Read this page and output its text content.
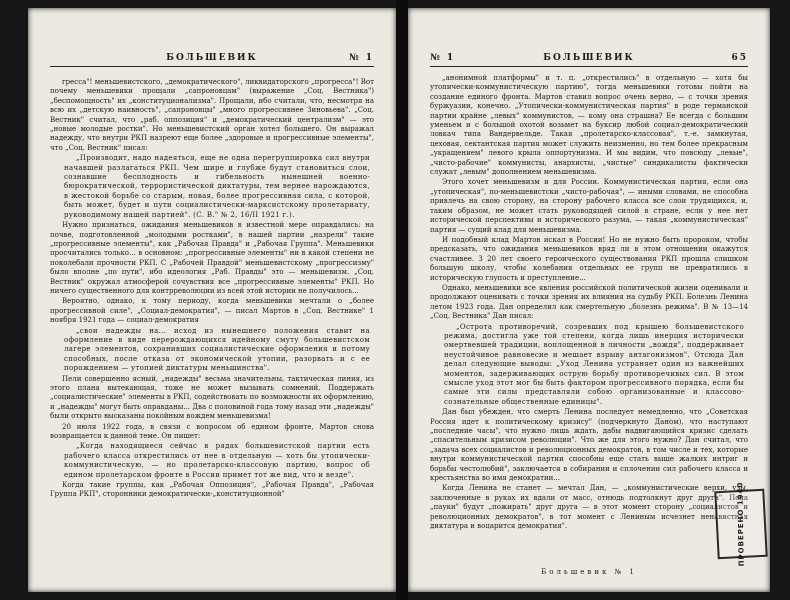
БОЛЬШЕВИК	№ 1

гресса"! меньшевистского, „демократического", ликвидаторского „прогресса"! Вот почему меньшевики прощали „сапроновцам" (выражение „Соц. Вестника") „беспомощность" их „конституционализма". Прощали, ибо считали, что, несмотря на всю их „детскую наивность", „сапроновцы" „много прогрессивнее Зиновьева". „Соц. Вестник" считал, что „раб. оппозиция" и „демократический централизм" — это „новые молодые ростки". Но меньшевистский орган хотел большего. Он выражал надежду, что внутри РКП назреют еще более „здоровые и прогрессивные элементы", что „Соц. Вестник" писал:

„Производит, надо надеяться, еще не одна перегруппировка сил внутри начавшей разлагаться РКП. Чем шире и глубже будут становиться слои, сознавшие бесплодность и гибельность нынешней военно-бюрократической, террористической диктатуры, тем вернее нарождаются, в жестокой борьбе со старым, новая, более прогрессивная сила, с которой, быть может, будет и пути социалистически-марксистскому пролетариату, руководимому нашей партией". (С. В." № 2, 16/II 1921 г.).

Нужно признаться, ожидания меньшевиков в известной мере оправдались: на почве, подготовленной „молодыми ростками", в нашей партии „назрели" такие „прогрессивные элементы", как „Рабочая Правда" и „Рабочая Группа". Меньшевики просчитались только... в основном: „прогрессивные элементы" ни в какой степени не поколебали прочности РКП. С „Рабочей Правдой" меньшевистскому „прогрессизму" было вполне „по пути", ибо идеология „Раб. Правды" это — меньшевизм. „Соц. Вестник" окружал атмосферой сочувствия все „прогрессивные элементы" РКП. Но ничего существенного для контрреволюции из всей этой истории не получилось...

Вероятно, однако, к тому периоду, когда меньшевики мечтали о „более прогрессивной силе", „Социал-демократия", — писал Мартов в „Соц. Вестнике" 1 ноября 1921 года — социал-демократия

„свои надежды на... исход из нынешнего положения ставит на оформление в виде перерождающихся идейному смуту большевистском лагере элементов, сохранивших социалистические оформления и потому способных, после отказа от экономической утопии, разорвать и с ее порождением — утопией диктатуры меньшинства".

Пели совершенно ясный, „надежды" весьма значительны, тактическая линия, из этого плана вытекающая, тоже не может вызывать сомнений. Поддержать „социалистические" элементы в РКП, содействовать по возможности их оформлению, и „надежды" могут быть оправданы... Два с половиной года тому назад эти „надежды" были открыто высказаны покойным вождем меньшевизма!

20 июля 1922 года, в связи с вопросом об едином фронте, Мартов снова возвращается к данной теме. Он пишет:

„Когда находящиеся сейчас в рядах большевистской партии есть рабочего класса открестились от нее в отдельную — хоть бы утопически-коммунистическую, — но пролетарско-классовую партию, вопрос об едином пролетарском фронте в России примет тот же вид, что и везде".

Когда такие группы, как „Рабочая Оппозиция", „Рабочая Правда", „Рабочая Группа РКП", сторонники демократически-„конституционной"

№ 1	БОЛЬШЕВИК	65

„анонимной платформы" и т. п. „открестились" в отдельную — хотя бы утопически-коммунистическую партию", тогда меньшевики готовы пойти на создание единого фронта. Мартов ставил вопрос очень верно, — с точки зрения буржуазии, конечно. „Утопически-коммунистическая партия" в роде германской партии крайне „левых" коммунистов, — кому она страшна? Ее всегда с большим уменьем и с большой охотой возьмет на буксир любой социал-демократический ловкач типа Вандервельде. Такая „пролетарско-классовая", т.-е. замкнутая, цеховая, сектантская партия может служить неизменно, но тем более прекрасным „укращением" левого крыла оппортунизма. И мы видим, что повсюду „левые", „чисто-рабочие" коммунисты, анархисты, „чистые" синдикалисты фактически служат „левым" дополнением меньшевизма.

Этого хочет меньшевизм и для России. Коммунистическая партия, если она „утопическая", по-меньшевистски „чисто-рабочая", — иными словами, не способна привлечь на свою сторону, на сторону рабочего класса все слои трудящихся, и, таким образом, не может стать руководящей силой в стране, если у нее нет исторической перспективы и исторического разума, — такая „коммунистическая" партия — сущий клад для меньшевизма.

И подобный клад Мартов искал в России! Но не нужно быть пророком, чтобы предсказать, что ожидания меньшевиков вряд ли в этом отношении окажутся счастливее. З 20 лет своего героического существования РКП прошла слишком большую школу, чтобы колебания отдельных ее групп не превратились в историческую глупость и преступление...

Однако, меньшевики все явления российской политической жизни оценивали и продолжают оценивать с точки зрения их влияния на судьбу РКП. Болезнь Ленина летом 1923 года. Дан определил как смертельную „болезнь режима". В № 13—14 „Соц. Вестника" Дан писал:

„Острота противоречий, созревших под крышею большевистского режима, достигла уже той степени, когда лишь инерция исторически омертвевшей традиции, воплощенной в личности „вождя", поддерживает неустойчивое равновесие и мешает взрыву антагонизмов". Отсюда Дан делал следующие выводы: „Уход Ленина устраняет один из важнейших моментов, задерживающих острую борьбу противоречивых сил. В этом смысле уход этот мог бы быть фактором прогрессивного порядка, если бы самые эти силы представляли собою организованные и классово-сознательные общественные единицы".

Дан был убежден, что смерть Ленина последует немедленно, что „Советская Россия идет к политическому кризису" (подчеркнуто Даном), что наступают „последние часы", что нужно лишь ждать, дабы надвигающийся кризис сделать „спасительным кризисом революции". Что же для этого нужно? Дан считал, что „задача всех социалистов и революционных демократов, в том числе и тех, которые внутри коммунистической партии способны еще стать выше жалких интриг и борьбы честолюбий", заключается в собирании и сплочении сил рабочего класса и крестьянства во имя демократии...

Когда Ленина не станет — мечтал Дан, — „коммунистические верхи, узы, заключенные в руках их вдали от масс, отнюдь подтолкнут друг друга". Пока „пауки" будут „пожирать" друг друга — в этот момент сторону „социалистов и революционных демократов", в тот момент с Лениным исчезнет ненавистная диктатура и воцарится демократия".

Большевик № 1
ПРОВЕРЕНО 1940
